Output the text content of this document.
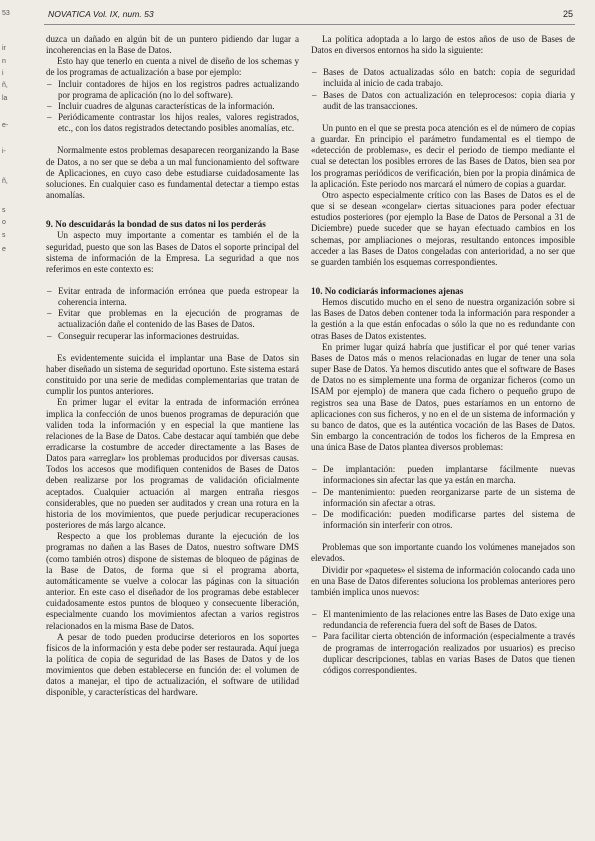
NOVATICA Vol. IX, num. 53	25
53
ir
n
i
ñ,
la
e-
i-
ñ,
s
o
s
e

duzca un dañado en algún bit de un puntero pidiendo dar lugar a incoherencias en la Base de Datos.

Esto hay que tenerlo en cuenta a nivel de diseño de los schemas y de los programas de actualización a base por ejemplo:

– Incluir contadores de hijos en los registros padres actualizando por programa de aplicación (no lo del software).
– Incluir cuadres de algunas características de la información.
– Periódicamente contrastar los hijos reales, valores registrados, etc., con los datos registrados detectando posibles anomalías, etc.

Normalmente estos problemas desaparecen reorganizando la Base de Datos, a no ser que se deba a un mal funcionamiento del software de Aplicaciones, en cuyo caso debe estudiarse cuidadosamente las soluciones. En cualquier caso es fundamental detectar a tiempo estas anomalías.

9. No descuidarás la bondad de sus datos ni los perderás

Un aspecto muy importante a comentar es también el de la seguridad, puesto que son las Bases de Datos el soporte principal del sistema de información de la Empresa. La seguridad a que nos referimos en este contexto es:

– Evitar entrada de información errónea que pueda estropear la coherencia interna.
– Evitar que problemas en la ejecución de programas de actualización dañe el contenido de las Bases de Datos.
– Conseguir recuperar las informaciones destruidas.

Es evidentemente suicida el implantar una Base de Datos sin haber diseñado un sistema de seguridad oportuno. Este sistema estará constituido por una serie de medidas complementarias que tratan de cumplir los puntos anteriores.

En primer lugar el evitar la entrada de información errónea implica la confección de unos buenos programas de depuración que validen toda la información y en especial la que mantiene las relaciones de la Base de Datos. Cabe destacar aquí también que debe erradicarse la costumbre de acceder directamente a las Bases de Datos para «arreglar» los problemas producidos por diversas causas. Todos los accesos que modifiquen contenidos de Bases de Datos deben realizarse por los programas de validación oficialmente aceptados. Cualquier actuación al margen entraña riesgos considerables, que no pueden ser auditados y crean una rotura en la historia de los movimientos, que puede perjudicar recuperaciones posteriores de más largo alcance.

Respecto a que los problemas durante la ejecución de los programas no dañen a las Bases de Datos, nuestro software DMS (como también otros) dispone de sistemas de bloqueo de páginas de la Base de Datos, de forma que si el programa aborta, automáticamente se vuelve a colocar las páginas con la situación anterior. En este caso el diseñador de los programas debe establecer cuidadosamente estos puntos de bloqueo y consecuente liberación, especialmente cuando los movimientos afectan a varios registros relacionados en la misma Base de Datos.

A pesar de todo pueden producirse deterioros en los soportes físicos de la información y esta debe poder ser restaurada. Aquí juega la política de copia de seguridad de las Bases de Datos y de los movimientos que deben establecerse en función de: el volumen de datos a manejar, el tipo de actualización, el software de utilidad disponible, y características del hardware.

La política adoptada a lo largo de estos años de uso de Bases de Datos en diversos entornos ha sido la siguiente:

– Bases de Datos actualizadas sólo en batch: copia de seguridad incluida al inicio de cada trabajo.
– Bases de Datos con actualización en teleprocesos: copia diaria y audit de las transacciones.

Un punto en el que se presta poca atención es el de número de copias a guardar. En principio el parámetro fundamental es el tiempo de «detección de problemas», es decir el periodo de tiempo mediante el cual se detectan los posibles errores de las Bases de Datos, bien sea por los programas periódicos de verificación, bien por la propia dinámica de la aplicación. Este periodo nos marcará el número de copias a guardar.

Otro aspecto especialmente crítico con las Bases de Datos es el de que si se desean «congelar» ciertas situaciones para poder efectuar estudios posteriores (por ejemplo la Base de Datos de Personal a 31 de Diciembre) puede suceder que se hayan efectuado cambios en los schemas, por ampliaciones o mejoras, resultando entonces imposible acceder a las Bases de Datos congeladas con anterioridad, a no ser que se guarden también los esquemas correspondientes.

10. No codiciarás informaciones ajenas

Hemos discutido mucho en el seno de nuestra organización sobre si las Bases de Datos deben contener toda la información para responder a la gestión a la que están enfocadas o sólo la que no es redundante con otras Bases de Datos existentes.

En primer lugar quizá habría que justificar el por qué tener varias Bases de Datos más o menos relacionadas en lugar de tener una sola super Base de Datos. Ya hemos discutido antes que el software de Bases de Datos no es simplemente una forma de organizar ficheros (como un ISAM por ejemplo) de manera que cada fichero o pequeño grupo de registros sea una Base de Datos, pues estaríamos en un entorno de aplicaciones con sus ficheros, y no en el de un sistema de información y su banco de datos, que es la auténtica vocación de las Bases de Datos. Sin embargo la concentración de todos los ficheros de la Empresa en una única Base de Datos plantea diversos problemas:

– De implantación: pueden implantarse fácilmente nuevas informaciones sin afectar las que ya están en marcha.
– De mantenimiento: pueden reorganizarse parte de un sistema de información sin afectar a otras.
– De modificación: pueden modificarse partes del sistema de información sin interferir con otros.

Problemas que son importante cuando los volúmenes manejados son elevados.

Dividir por «paquetes» el sistema de información colocando cada uno en una Base de Datos diferentes soluciona los problemas anteriores pero también implica unos nuevos:

– El mantenimiento de las relaciones entre las Bases de Dato exige una redundancia de referencia fuera del soft de Bases de Datos.
– Para facilitar cierta obtención de información (especialmente a través de programas de interrogación realizados por usuarios) es preciso duplicar descripciones, tablas en varias Bases de Datos que tienen códigos correspondientes.
